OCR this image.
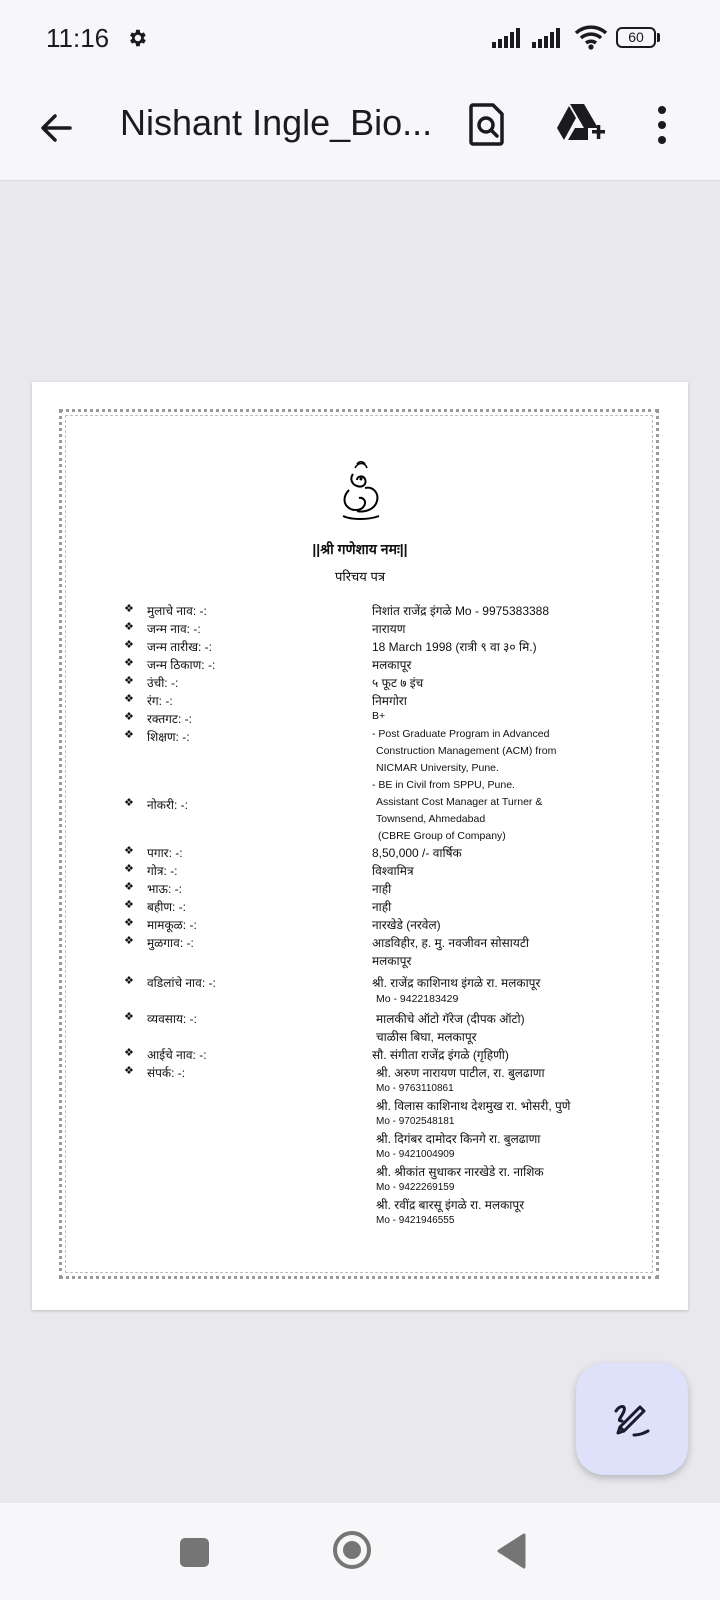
11:16	60
Nishant Ingle_Bio...
||श्री गणेशाय नमः||
परिचय पत्र
❖ मुलाचे नाव: -:	निशांत राजेंद्र इंगळे Mo - 9975383388
❖ जन्म नाव: -:	नारायण
❖ जन्म तारीख: -:	18 March 1998 (रात्री ९ वा ३० मि.)
❖ जन्म ठिकाण: -:	मलकापूर
❖ उंची: -:	५ फूट ७ इंच
❖ रंग: -:	निमगोरा
❖ रक्तगट: -:	B+
❖ शिक्षण: -:	- Post Graduate Program in Advanced
Construction Management (ACM) from
NICMAR University, Pune.
- BE in Civil from SPPU, Pune.
❖ नोकरी: -:	Assistant Cost Manager at Turner &
Townsend, Ahmedabad
(CBRE Group of Company)
❖ पगार: -:	8,50,000 /- वार्षिक
❖ गोत्र: -:	विश्वामित्र
❖ भाऊ: -:	नाही
❖ बहीण: -:	नाही
❖ मामकूळ: -:	नारखेडे (नरवेल)
❖ मुळगाव: -:	आडविहीर, ह. मु. नवजीवन सोसायटी
मलकापूर
❖ वडिलांचे नाव: -:	श्री. राजेंद्र काशिनाथ इंगळे रा. मलकापूर
Mo - 9422183429
❖ व्यवसाय: -:	मालकीचे ऑटो गॅरेज (दीपक ऑटो)
चाळीस बिघा, मलकापूर
❖ आईचे नाव: -:	सौ. संगीता राजेंद्र इंगळे (गृहिणी)
❖ संपर्क: -:	श्री. अरुण नारायण पाटील, रा. बुलढाणा
Mo - 9763110861
श्री. विलास काशिनाथ देशमुख रा. भोसरी, पुणे
Mo - 9702548181
श्री. दिगंबर दामोदर किनगे रा. बुलढाणा
Mo - 9421004909
श्री. श्रीकांत सुधाकर नारखेडे रा. नाशिक
Mo - 9422269159
श्री. रवींद्र बारसू इंगळे रा. मलकापूर
Mo - 9421946555
